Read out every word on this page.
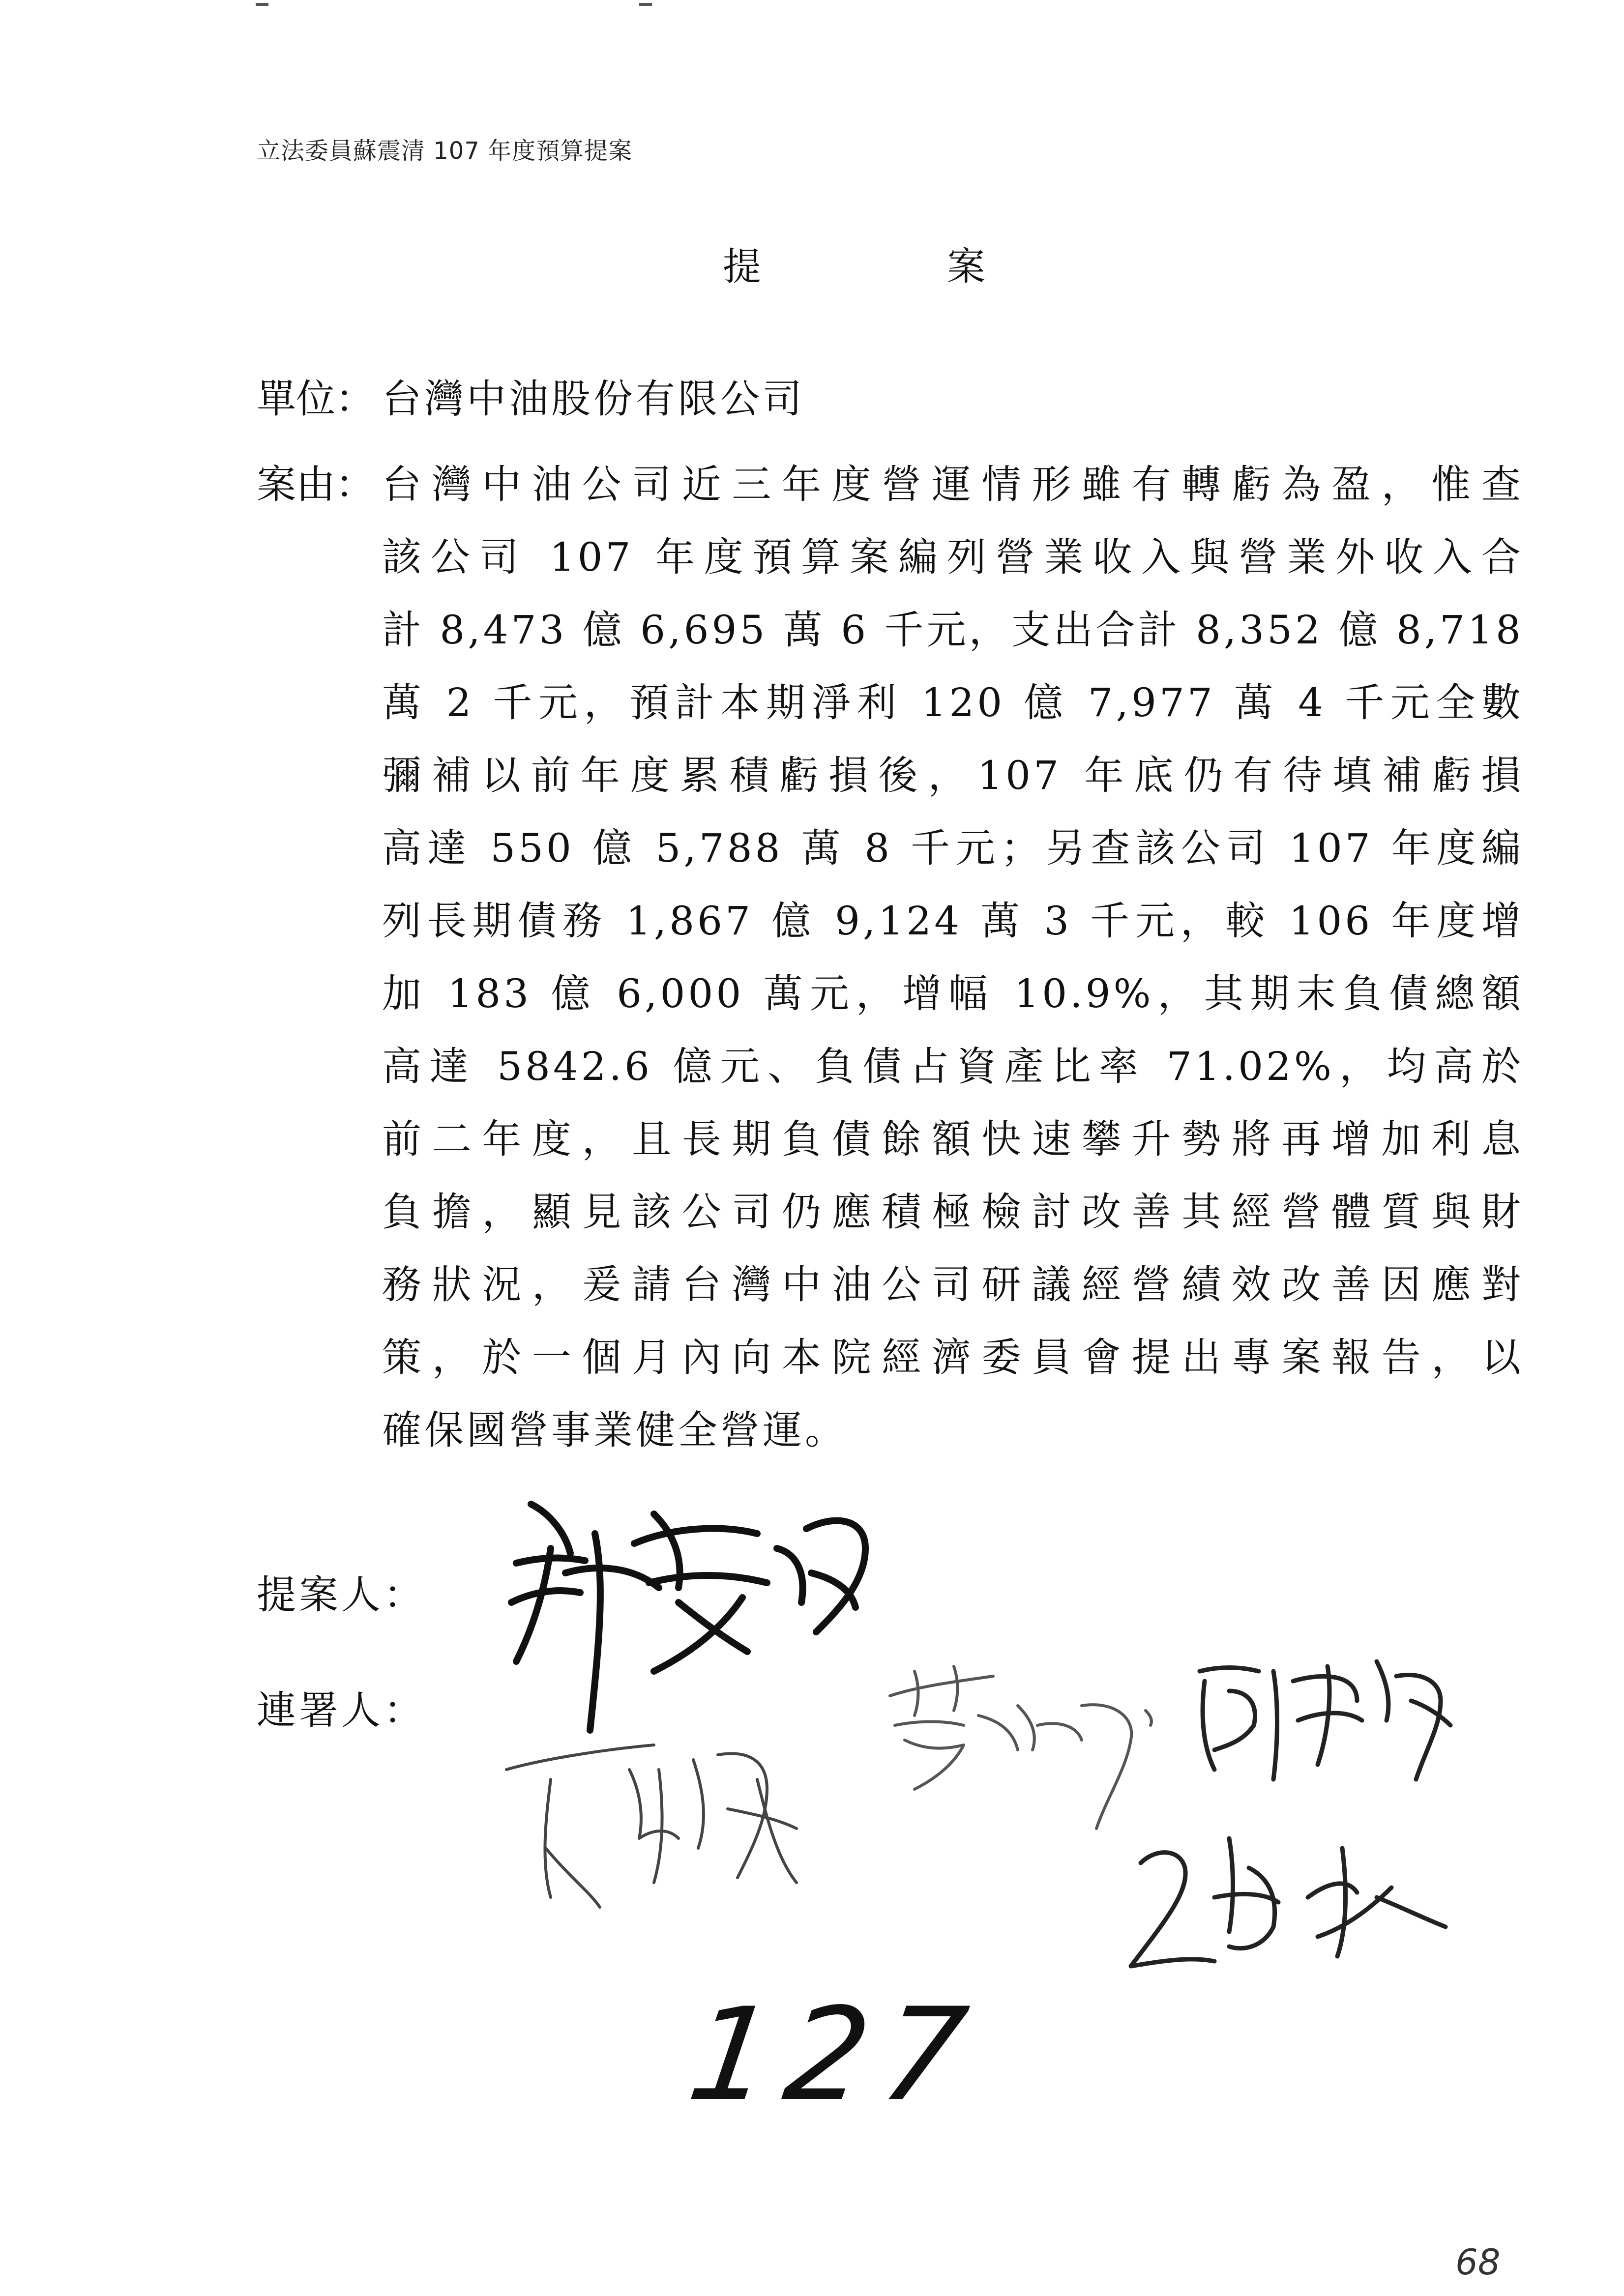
立法委員蘇震清 107 年度預算提案
提　案
單位： 台灣中油股份有限公司
案由： 台灣中油公司近三年度營運情形雖有轉虧為盈，惟查
該公司 107 年度預算案編列營業收入與營業外收入合
計 8,473 億 6,695 萬 6 千元，支出合計 8,352 億 8,718
萬 2 千元，預計本期淨利 120 億 7,977 萬 4 千元全數
彌補以前年度累積虧損後，107 年底仍有待填補虧損
高達 550 億 5,788 萬 8 千元；另查該公司 107 年度編
列長期債務 1,867 億 9,124 萬 3 千元，較 106 年度增
加 183 億 6,000 萬元，增幅 10.9%，其期末負債總額
高達 5842.6 億元、負債占資產比率 71.02%，均高於
前二年度，且長期負債餘額快速攀升勢將再增加利息
負擔，顯見該公司仍應積極檢討改善其經營體質與財
務狀況，爰請台灣中油公司研議經營績效改善因應對
策，於一個月內向本院經濟委員會提出專案報告，以
確保國營事業健全營運。
提案人：
連署人：
127
68
